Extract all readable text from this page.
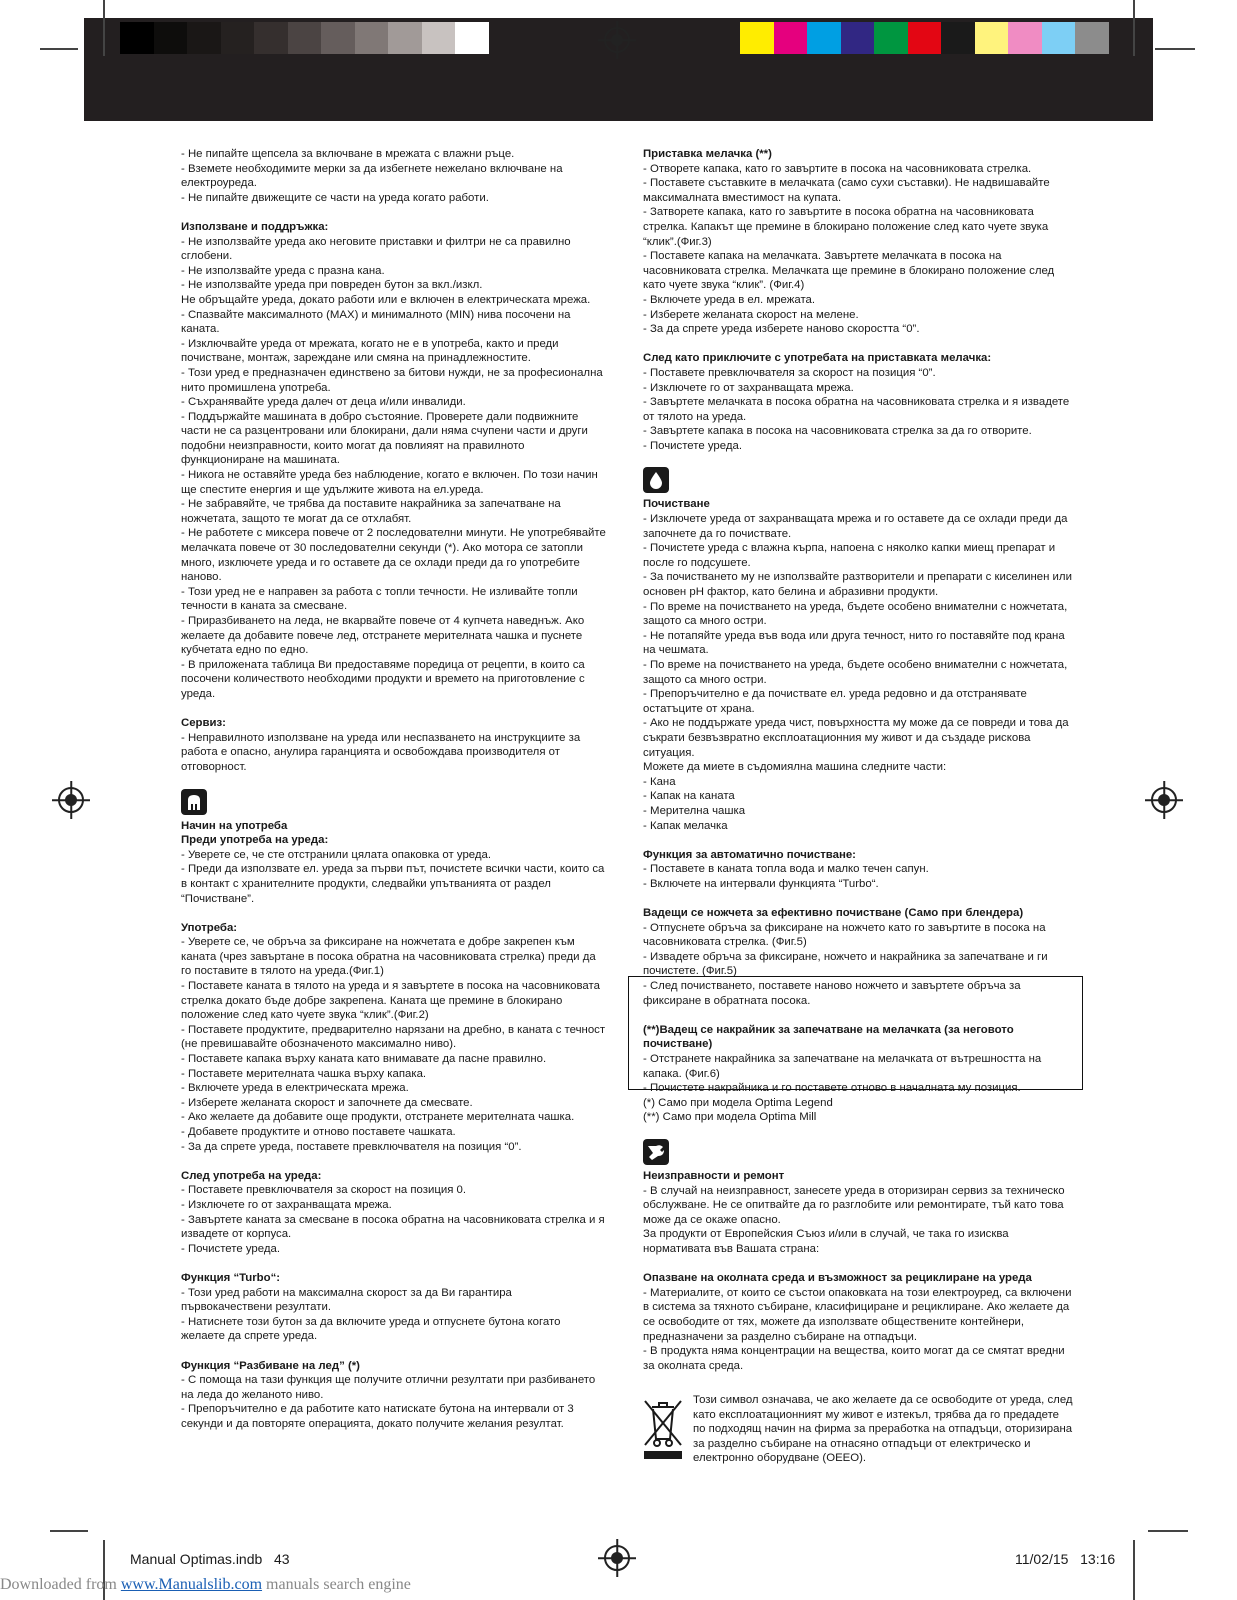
- Не пипайте щепсела за включване в мрежата с влажни ръце.

- Вземете необходимите мерки за да избегнете нежелано включване на електроуреда.

- Не пипайте движещите се части на уреда когато работи.

Използване и поддръжка:

- Не използвайте уреда ако неговите приставки и филтри не са правилно сглобени.

- Не използвайте уреда с празна кана.

- Не използвайте уреда при повреден бутон за вкл./изкл.

Не обръщайте уреда, докато работи или е включен в електрическата мрежа.

- Спазвайте максималното (MAX) и минималното (MIN) нива посочени на каната.

- Изключвайте уреда от мрежата, когато не е в употреба, както и преди почистване, монтаж, зареждане или смяна на принадлежностите.

- Този уред е предназначен единствено за битови нужди, не за професионална нито промишлена употреба.

- Съхранявайте уреда далеч от деца и/или инвалиди.

- Поддържайте машината в добро състояние. Проверете дали подвижните части не са разцентровани или блокирани, дали няма счупени части и други подобни неизправности, които могат да повлияят на правилното функциониране на машината.

- Никога не оставяйте уреда без наблюдение, когато е включен. По този начин ще спестите енергия и ще удължите живота на ел.уреда.

- Не забравяйте, че трябва да поставите накрайника за запечатване на ножчетата, защото те могат да се отхлабят.

- Не работете с миксера повече от 2 последователни минути. Не употребявайте мелачката повече от 30 последователни секунди (*). Ако мотора се затопли много, изключете уреда и го оставете да се охлади преди да го употребите наново.

- Този уред не е направен за работа с топли течности. Не изливайте топли течности в каната за смесване.

- Приразбиването на леда, не вкарвайте повече от 4 купчета наведнъж. Ако желаете да добавите повече лед, отстранете мерителната чашка и пуснете кубчетата едно по едно.

- В приложената таблица Ви предоставяме поредица от рецепти, в които са посочени количеството необходими продукти и времето на приготовление с уреда.

Сервиз:

- Неправилното използване на уреда или неспазването на инструкциите за работа е опасно, анулира гаранцията и освобождава производителя от отговорност.

Начин на употреба

Преди употреба на уреда:

- Уверете се, че сте отстранили цялата опаковка от уреда.

- Преди да използвате ел. уреда за първи път, почистете всички части, които са в контакт с хранителните продукти, следвайки упътванията от раздел “Почистване”.

Употреба:

- Уверете се, че обръча за фиксиране на ножчетата е добре закрепен към каната (чрез завъртане в посока обратна на часовниковата стрелка) преди да го поставите в тялото на уреда.(Фиг.1)

- Поставете каната в тялото на уреда и я завъртете в посока на часовниковата стрелка докато бъде добре закрепена. Каната ще премине в блокирано положение след като чуете звука “клик”.(Фиг.2)

- Поставете продуктите, предварително нарязани на дребно, в каната с течност (не превишавайте обозначеното максимално ниво).

- Поставете капака върху каната като внимавате да пасне правилно.

- Поставете мерителната чашка върху капака.

- Включете уреда в електрическата мрежа.

- Изберете желаната скорост и започнете да смесвате.

- Ако желаете да добавите още продукти, отстранете мерителната чашка.

- Добавете продуктите и отново поставете чашката.

- За да спрете уреда, поставете превключвателя на позиция “0”.

След употреба на уреда:

- Поставете превключвателя за скорост на позиция 0.

- Изключете го от захранващата мрежа.

- Завъртете каната за смесване в посока обратна на часовниковата стрелка и я извадете от корпуса.

- Почистете уреда.

Функция “Turbo“:

- Този уред работи на максимална скорост за да Ви гарантира първокачествени резултати.

- Натиснете този бутон за да включите уреда и отпуснете бутона когато желаете да спрете уреда.

Функция “Разбиване на лед” (*)

- С помоща на тази функция ще получите отлични резултати при разбиването на леда до желаното ниво.

- Препоръчително е да работите като натискате бутона на интервали от 3 секунди и да повторяте операцията, докато получите желания резултат.

Приставка мелачка (**)

- Отворете капака, като го завъртите в посока на часовниковата стрелка.

- Поставете съставките в мелачката (само сухи съставки). Не надвишавайте максималната вместимост на купата.

- Затворете капака, като го завъртите в посока обратна на часовниковата стрелка. Капакът ще премине в блокирано положение след като чуете звука “клик”.(Фиг.3)

- Поставете капака на мелачката. Завъртете мелачката в посока на часовниковата стрелка. Мелачката ще премине в блокирано положение след като чуете звука “клик”. (Фиг.4)

- Включете уреда в ел. мрежата.

- Изберете желаната скорост на мелене.

- За да спрете уреда изберете наново скоростта “0”.

След като приключите с употребата на приставката мелачка:

- Поставете превключвателя за скорост на позиция “0”.

- Изключете го от захранващата мрежа.

- Завъртете мелачката в посока обратна на часовниковата стрелка и я извадете от тялото на уреда.

- Завъртете капака в посока на часовниковата стрелка за да го отворите.

- Почистете уреда.

Почистване

- Изключете уреда от захранващата мрежа и го оставете да се охлади преди да започнете да го почиствате.

- Почистете уреда с влажна кърпа, напоена с няколко капки миещ препарат и после го подсушете.

- За почистването му не използвайте разтворители и препарати с киселинен или основен pH фактор, като белина и абразивни продукти.

- По време на почистването на уреда, бъдете особено внимателни с ножчетата, защото са много остри.

- Не потапяйте уреда във вода или друга течност, нито го поставяйте под крана на чешмата.

- По време на почистването на уреда, бъдете особено внимателни с ножчетата, защото са много остри.

- Препоръчително е да почиствате ел. уреда редовно и да отстранявате остатъците от храна.

- Ако не поддържате уреда чист, повърхността му може да се повреди и това да съкрати безвъзвратно експлоатационния му живот и да създаде рискова ситуация.

Можете да миете в съдомиялна машина следните части:

- Кана

- Капак на каната

- Мерителна чашка

- Капак мелачка

Функция за автоматично почистване:

- Поставете в каната топла вода и малко течен сапун.

- Включете на интервали функцията “Turbo“.

Вадещи се ножчета за ефективно почистване (Само при блендера)

- Отпуснете обръча за фиксиране на ножчето като го завъртите в посока на часовниковата стрелка. (Фиг.5)

- Извадете обръча за фиксиране, ножчето и накрайника за запечатване и ги почистете. (Фиг.5)

- След почистването, поставете наново ножчето и завъртете обръча за фиксиране в обратната посока.

(**)Вадещ се накрайник за запечатване на мелачката (за неговото почистване)

- Отстранете накрайника за запечатване на мелачката от вътрешността на капака. (Фиг.6)

- Почистете накрайника и го поставете отново в началната му позиция.

(*) Само при модела Optima Legend

(**) Само при модела Optima Mill

Неизправности и ремонт

- В случай на неизправност, занесете уреда в оторизиран сервиз за техническо обслужване. Не се опитвайте да го разглобите или ремонтирате, тъй като това може да се окаже опасно.

За продукти от Европейския Съюз и/или в случай, че така го изисква нормативата във Вашата страна:

Опазване на околната среда и възможност за рециклиране на уреда

- Материалите, от които се състои опаковката на този електроуред, са включени в система за тяхното събиране, класифициране и рециклиране. Ако желаете да се освободите от тях, можете да използвате обществените контейнери, предназначени за разделно събиране на отпадъци.

- В продукта няма концентрации на вещества, които могат да се смятат вредни за околната среда.

Този символ означава, че ако желаете да се освободите от уреда, след като експлоатационният му живот е изтекъл, трябва да го предадете по подходящ начин на фирма за преработка на отпадъци, оторизирана за разделно събиране на отнасяно отпадъци от електрическо и електронно оборудване (ОЕЕО).
Manual Optimas.indb   43	11/02/15   13:16
Downloaded from www.Manualslib.com manuals search engine
